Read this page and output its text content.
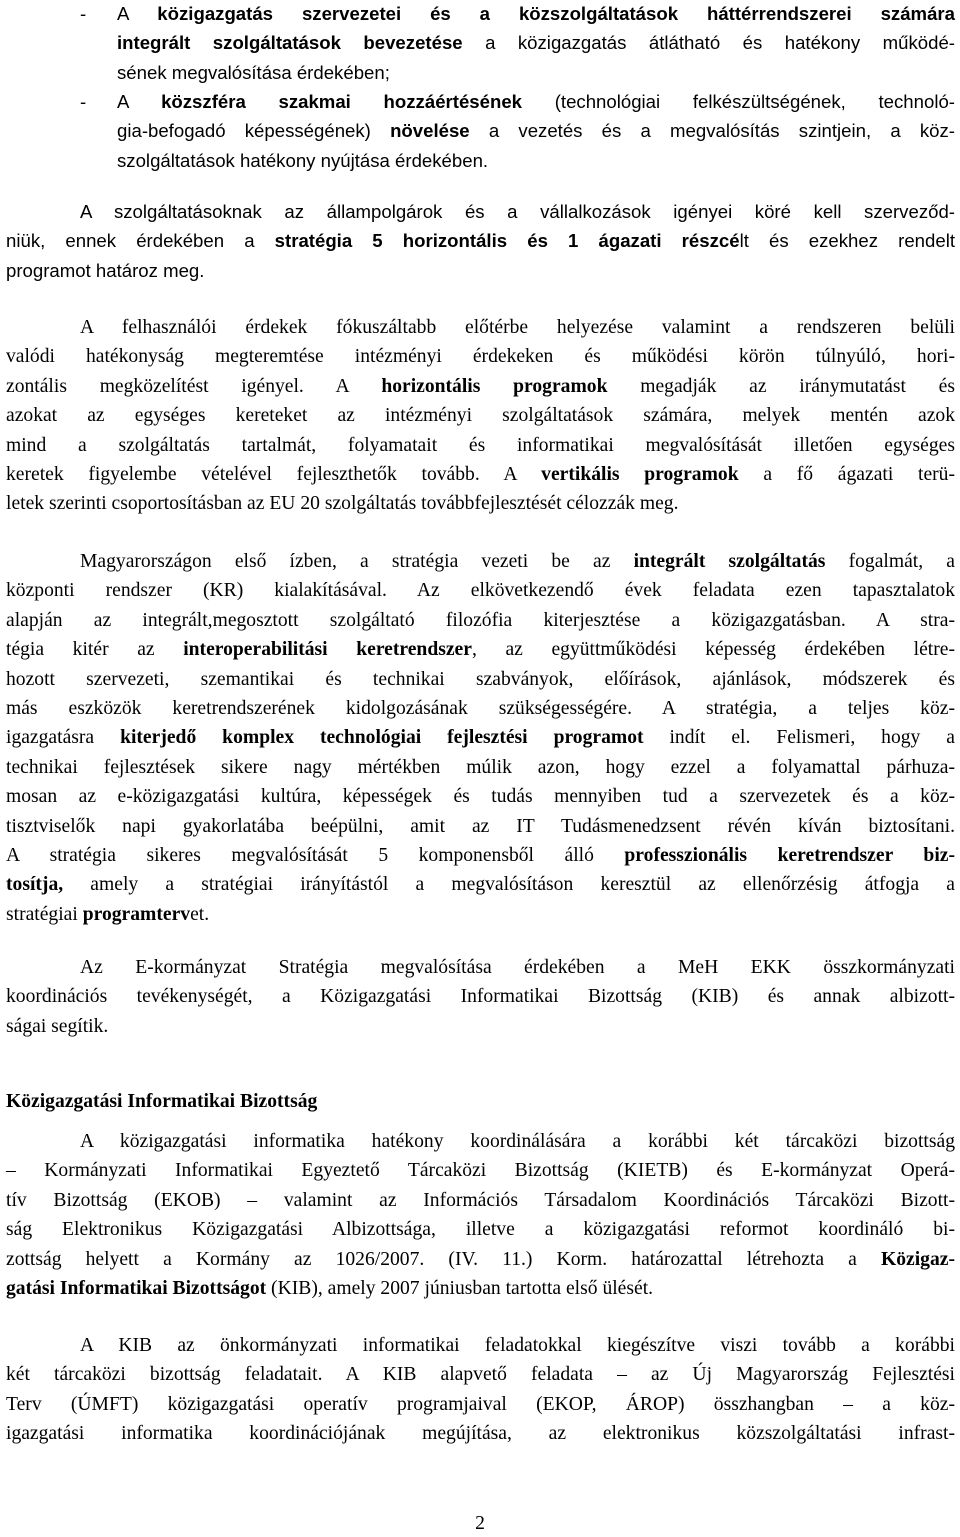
Közigazgatási Informatikai Bizottság
2
- A közigazgatás szervezetei és a közszolgáltatások háttérrendszerei számára
integrált szolgáltatások bevezetése a közigazgatás átlátható és hatékony működé-
sének megvalósítása érdekében;
- A közszféra szakmai hozzáértésének (technológiai felkészültségének, technoló-
gia-befogadó képességének) növelése a vezetés és a megvalósítás szintjein, a köz-
szolgáltatások hatékony nyújtása érdekében.
A szolgáltatásoknak az állampolgárok és a vállalkozások igényei köré kell szerveződ-
niük, ennek érdekében a stratégia 5 horizontális és 1 ágazati részcélt és ezekhez rendelt
programot határoz meg.
A felhasználói érdekek fókuszáltabb előtérbe helyezése valamint a rendszeren belüli
valódi hatékonyság megteremtése intézményi érdekeken és működési körön túlnyúló, hori-
zontális megközelítést igényel. A horizontális programok megadják az iránymutatást és
azokat az egységes kereteket az intézményi szolgáltatások számára, melyek mentén azok
mind a szolgáltatás tartalmát, folyamatait és informatikai megvalósítását illetően egységes
keretek figyelembe vételével fejleszthetők tovább. A vertikális programok a fő ágazati terü-
letek szerinti csoportosításban az EU 20 szolgáltatás továbbfejlesztését célozzák meg.
Magyarországon első ízben, a stratégia vezeti be az integrált szolgáltatás fogalmát, a
központi rendszer (KR) kialakításával. Az elkövetkezendő évek feladata ezen tapasztalatok
alapján az integrált,megosztott szolgáltató filozófia kiterjesztése a közigazgatásban. A stra-
tégia kitér az interoperabilitási keretrendszer, az együttműködési képesség érdekében létre-
hozott szervezeti, szemantikai és technikai szabványok, előírások, ajánlások, módszerek és
más eszközök keretrendszerének kidolgozásának szükségességére. A stratégia, a teljes köz-
igazgatásra kiterjedő komplex technológiai fejlesztési programot indít el. Felismeri, hogy a
technikai fejlesztések sikere nagy mértékben múlik azon, hogy ezzel a folyamattal párhuza-
mosan az e-közigazgatási kultúra, képességek és tudás mennyiben tud a szervezetek és a köz-
tisztviselők napi gyakorlatába beépülni, amit az IT Tudásmenedzsent révén kíván biztosítani.
A stratégia sikeres megvalósítását 5 komponensből álló professzionális keretrendszer biz-
tosítja, amely a stratégiai irányítástól a megvalósításon keresztül az ellenőrzésig átfogja a
stratégiai programtervet.
Az E-kormányzat Stratégia megvalósítása érdekében a MeH EKK összkormányzati
koordinációs tevékenységét, a Közigazgatási Informatikai Bizottság (KIB) és annak albizott-
ságai segítik.
A közigazgatási informatika hatékony koordinálására a korábbi két tárcaközi bizottság
– Kormányzati Informatikai Egyeztető Tárcaközi Bizottság (KIETB) és E-kormányzat Operá-
tív Bizottság (EKOB) – valamint az Információs Társadalom Koordinációs Tárcaközi Bizott-
ság Elektronikus Közigazgatási Albizottsága, illetve a közigazgatási reformot koordináló bi-
zottság helyett a Kormány az 1026/2007. (IV. 11.) Korm. határozattal létrehozta a Közigaz-
gatási Informatikai Bizottságot (KIB), amely 2007 júniusban tartotta első ülését.
A KIB az önkormányzati informatikai feladatokkal kiegészítve viszi tovább a korábbi
két tárcaközi bizottság feladatait. A KIB alapvető feladata – az Új Magyarország Fejlesztési
Terv (ÚMFT) közigazgatási operatív programjaival (EKOP, ÁROP) összhangban – a köz-
igazgatási informatika koordinációjának megújítása, az elektronikus közszolgáltatási infrast-
